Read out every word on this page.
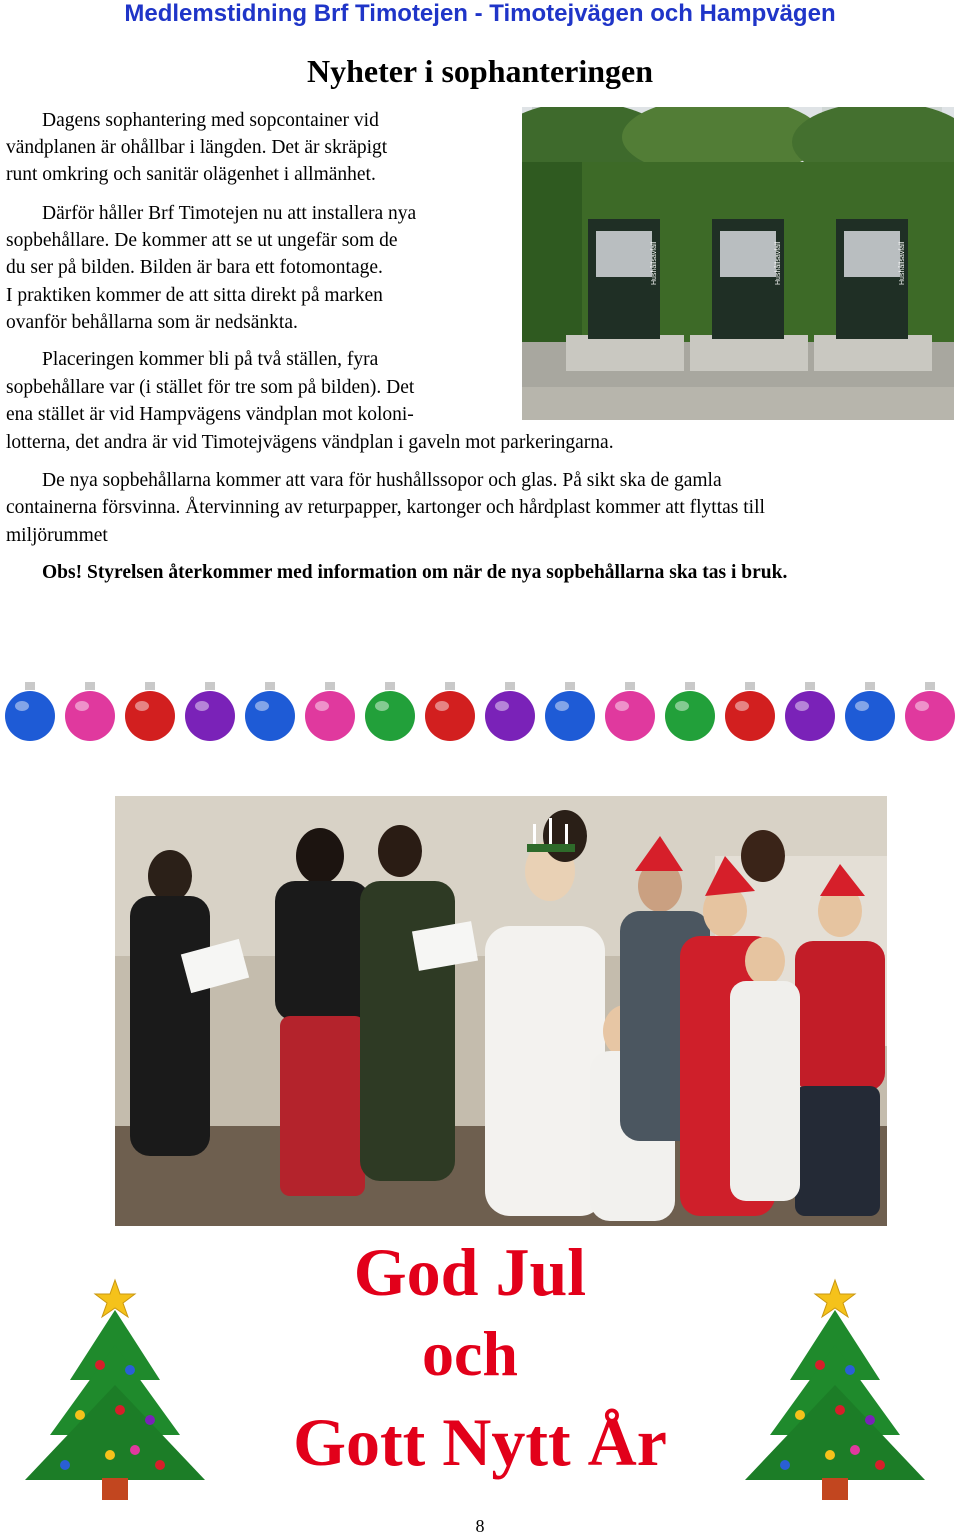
Medlemstidning Brf Timotejen - Timotejvägen och Hampvägen
Nyheter i sophanteringen
Dagens sophantering med sopcontainer vid
vändplanen är ohållbar i längden. Det är skräpigt
runt omkring och sanitär olägenhet i allmänhet.
Därför håller Brf Timotejen nu att installera nya
sopbehållare. De kommer att se ut ungefär som de
du ser på bilden. Bilden är bara ett fotomontage.
I praktiken kommer de att sitta direkt på marken
ovanför behållarna som är nedsänkta.
Placeringen kommer bli på två ställen, fyra
sopbehållare var (i stället för tre som på bilden). Det
ena stället är vid Hampvägens vändplan mot koloni-
lotterna, det andra är vid Timotejvägens vändplan i gaveln mot parkeringarna.
De nya sopbehållarna kommer att vara för hushållssopor och glas. På sikt ska de gamla
containerna försvinna. Återvinning av returpapper, kartonger och hårdplast kommer att flyttas till
miljörummet
Obs! Styrelsen återkommer med information om när de nya sopbehållarna ska tas i bruk.
Hushållsavfall	Hushållsavfall	Hushållsavfall
God Jul
och
Gott Nytt År
8
